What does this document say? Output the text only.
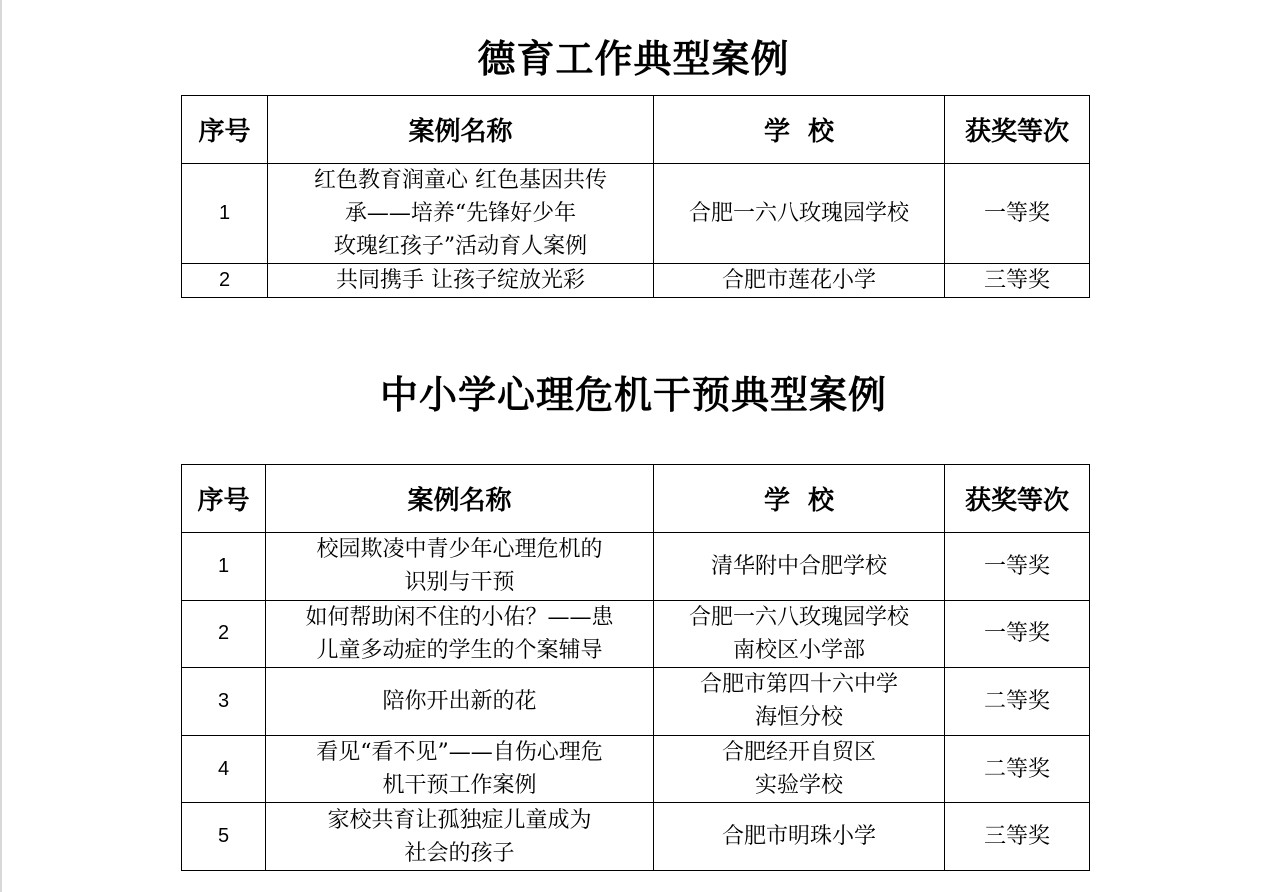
德育工作典型案例
序号	案例名称	学  校	获奖等次
1	红色教育润童心 红色基因共传
承——培养“先锋好少年
玫瑰红孩子”活动育人案例	合肥一六八玫瑰园学校	一等奖
2	共同携手 让孩子绽放光彩	合肥市莲花小学	三等奖
中小学心理危机干预典型案例
序号	案例名称	学  校	获奖等次
1	校园欺凌中青少年心理危机的
识别与干预	清华附中合肥学校	一等奖
2	如何帮助闲不住的小佑？——患
儿童多动症的学生的个案辅导	合肥一六八玫瑰园学校
南校区小学部	一等奖
3	陪你开出新的花	合肥市第四十六中学
海恒分校	二等奖
4	看见“看不见”——自伤心理危
机干预工作案例	合肥经开自贸区
实验学校	二等奖
5	家校共育让孤独症儿童成为
社会的孩子	合肥市明珠小学	三等奖
